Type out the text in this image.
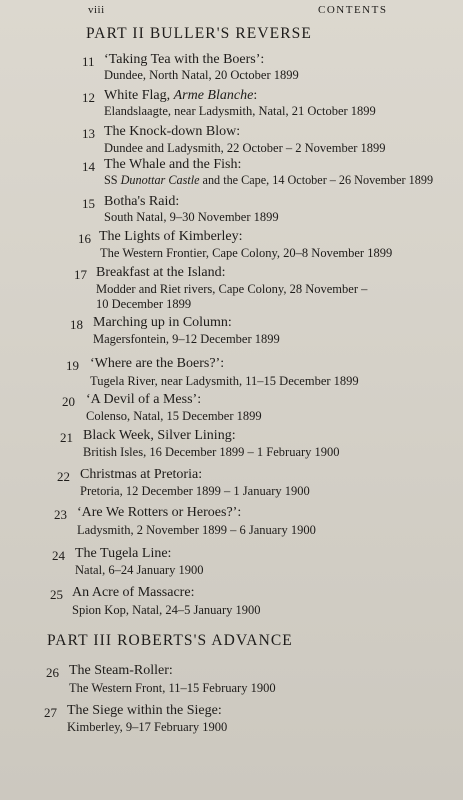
viii	CONTENTS
PART II BULLER'S REVERSE
11 ‘Taking Tea with the Boers’:
Dundee, North Natal, 20 October 1899
12 White Flag, Arme Blanche:
Elandslaagte, near Ladysmith, Natal, 21 October 1899
13 The Knock-down Blow:
Dundee and Ladysmith, 22 October – 2 November 1899
14 The Whale and the Fish:
SS Dunottar Castle and the Cape, 14 October – 26 November 1899
15 Botha's Raid:
South Natal, 9–30 November 1899
16 The Lights of Kimberley:
The Western Frontier, Cape Colony, 20–8 November 1899
17 Breakfast at the Island:
Modder and Riet rivers, Cape Colony, 28 November –
10 December 1899
18 Marching up in Column:
Magersfontein, 9–12 December 1899
19 ‘Where are the Boers?’:
Tugela River, near Ladysmith, 11–15 December 1899
20 ‘A Devil of a Mess’:
Colenso, Natal, 15 December 1899
21 Black Week, Silver Lining:
British Isles, 16 December 1899 – 1 February 1900
22 Christmas at Pretoria:
Pretoria, 12 December 1899 – 1 January 1900
23 ‘Are We Rotters or Heroes?’:
Ladysmith, 2 November 1899 – 6 January 1900
24 The Tugela Line:
Natal, 6–24 January 1900
25 An Acre of Massacre:
Spion Kop, Natal, 24–5 January 1900
PART III ROBERTS'S ADVANCE
26 The Steam-Roller:
The Western Front, 11–15 February 1900
27 The Siege within the Siege:
Kimberley, 9–17 February 1900
